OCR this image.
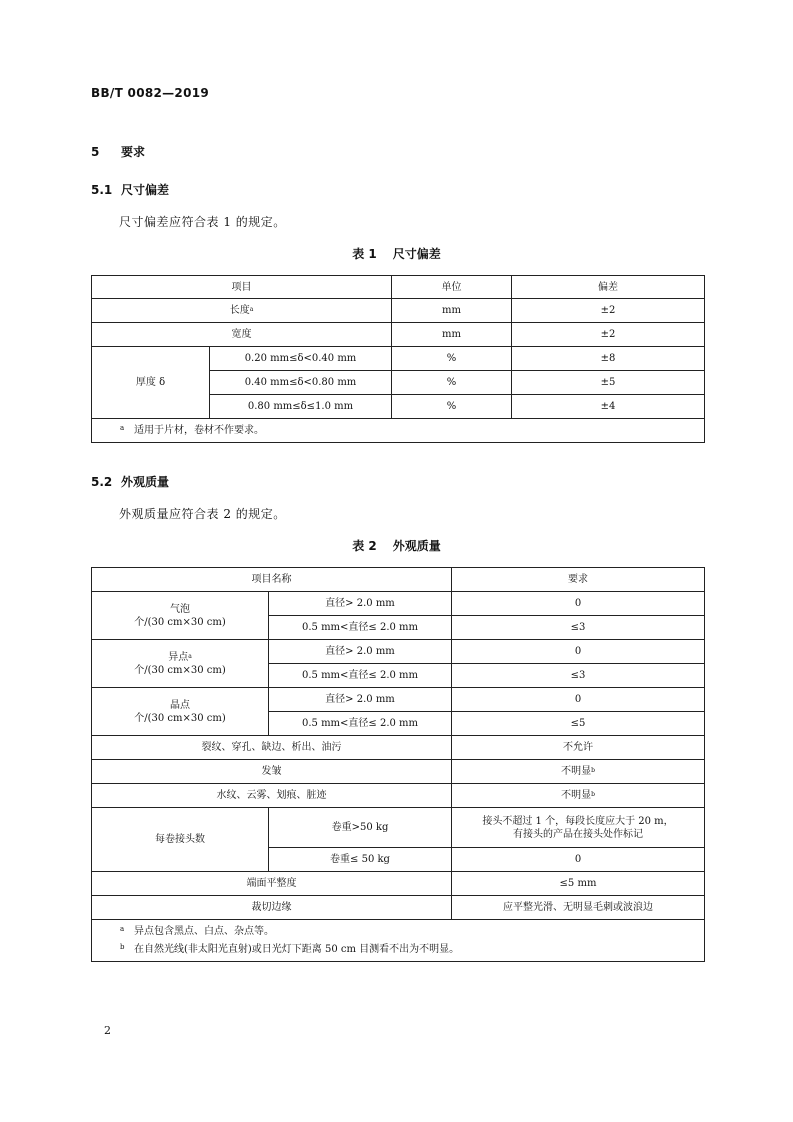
BB/T 0082—2019
5 要求
5.1 尺寸偏差
尺寸偏差应符合表 1 的规定。
表 1 尺寸偏差
项目		单位	偏差
长度$^a$		mm	±2
宽度		mm	±2
厚度 δ	0.20 mm≤δ<0.40 mm	%	±8
	0.40 mm≤δ<0.80 mm	%	±5
	0.80 mm≤δ≤1.0 mm	%	±4

a 适用于片材，卷材不作要求。			
5.2 外观质量
外观质量应符合表 2 的规定。
表 2 外观质量
项目名称		要求
气泡
个/(30 cm×30 cm)	直径> 2.0 mm	0
	0.5 mm<直径≤ 2.0 mm	≤3
异点$^a$
个/(30 cm×30 cm)	直径> 2.0 mm	0
	0.5 mm<直径≤ 2.0 mm	≤3
晶点
个/(30 cm×30 cm)	直径> 2.0 mm	0
	0.5 mm<直径≤ 2.0 mm	≤5
裂纹、穿孔、缺边、析出、油污		不允许
发皱		不明显$^b$
水纹、云雾、划痕、脏迹		不明显$^b$
每卷接头数	卷重>50 kg	接头不超过 1 个，每段长度应大于 20 m，
有接头的产品在接头处作标记
	卷重≤ 50 kg	0
端面平整度		≤5 mm
裁切边缘		应平整光滑、无明显毛刺或波浪边

a 异点包含黑点、白点、杂点等。
b 在自然光线(非太阳光直射)或日光灯下距离 50 cm 目测看不出为不明显。		
2
